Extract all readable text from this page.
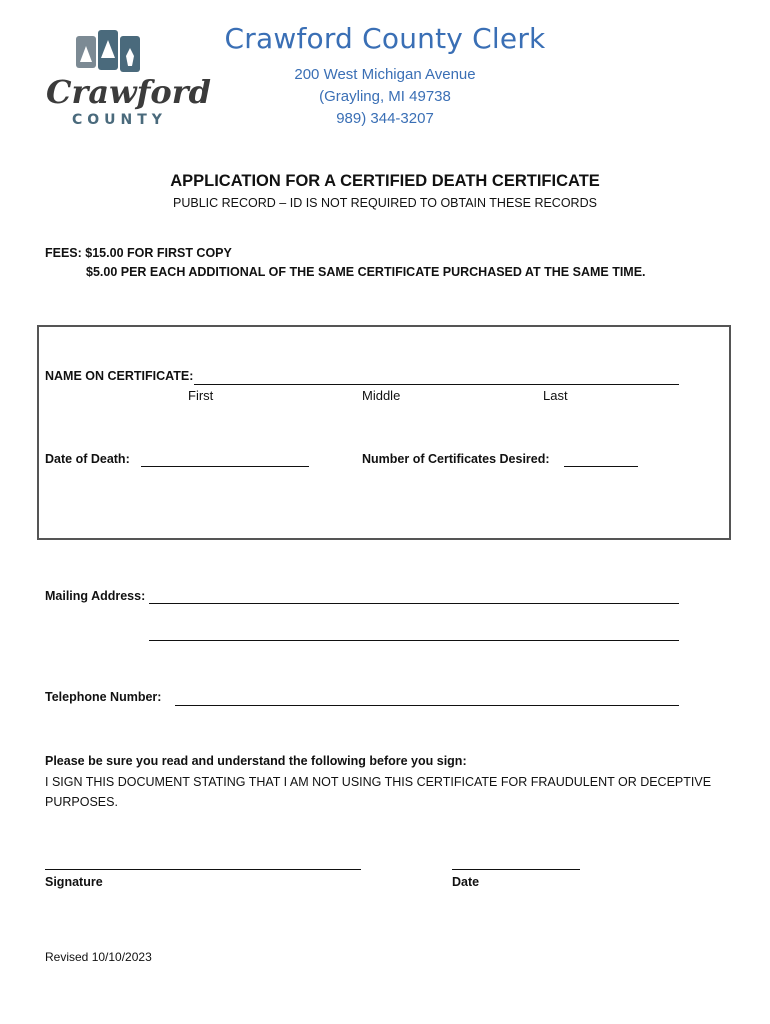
Crawford
COUNTY
Crawford County Clerk
200 West Michigan Avenue
(Grayling, MI 49738
989) 344-3207
APPLICATION FOR A CERTIFIED DEATH CERTIFICATE
PUBLIC RECORD – ID IS NOT REQUIRED TO OBTAIN THESE RECORDS
FEES: $15.00 FOR FIRST COPY
$5.00 PER EACH ADDITIONAL OF THE SAME CERTIFICATE PURCHASED AT THE SAME TIME.
NAME ON CERTIFICATE:
First	Middle	Last
Date of Death:	Number of Certificates Desired:
Mailing Address:
Telephone Number:
Please be sure you read and understand the following before you sign:
I SIGN THIS DOCUMENT STATING THAT I AM NOT USING THIS CERTIFICATE FOR FRAUDULENT OR DECEPTIVE PURPOSES.
Signature	Date
Revised 10/10/2023
